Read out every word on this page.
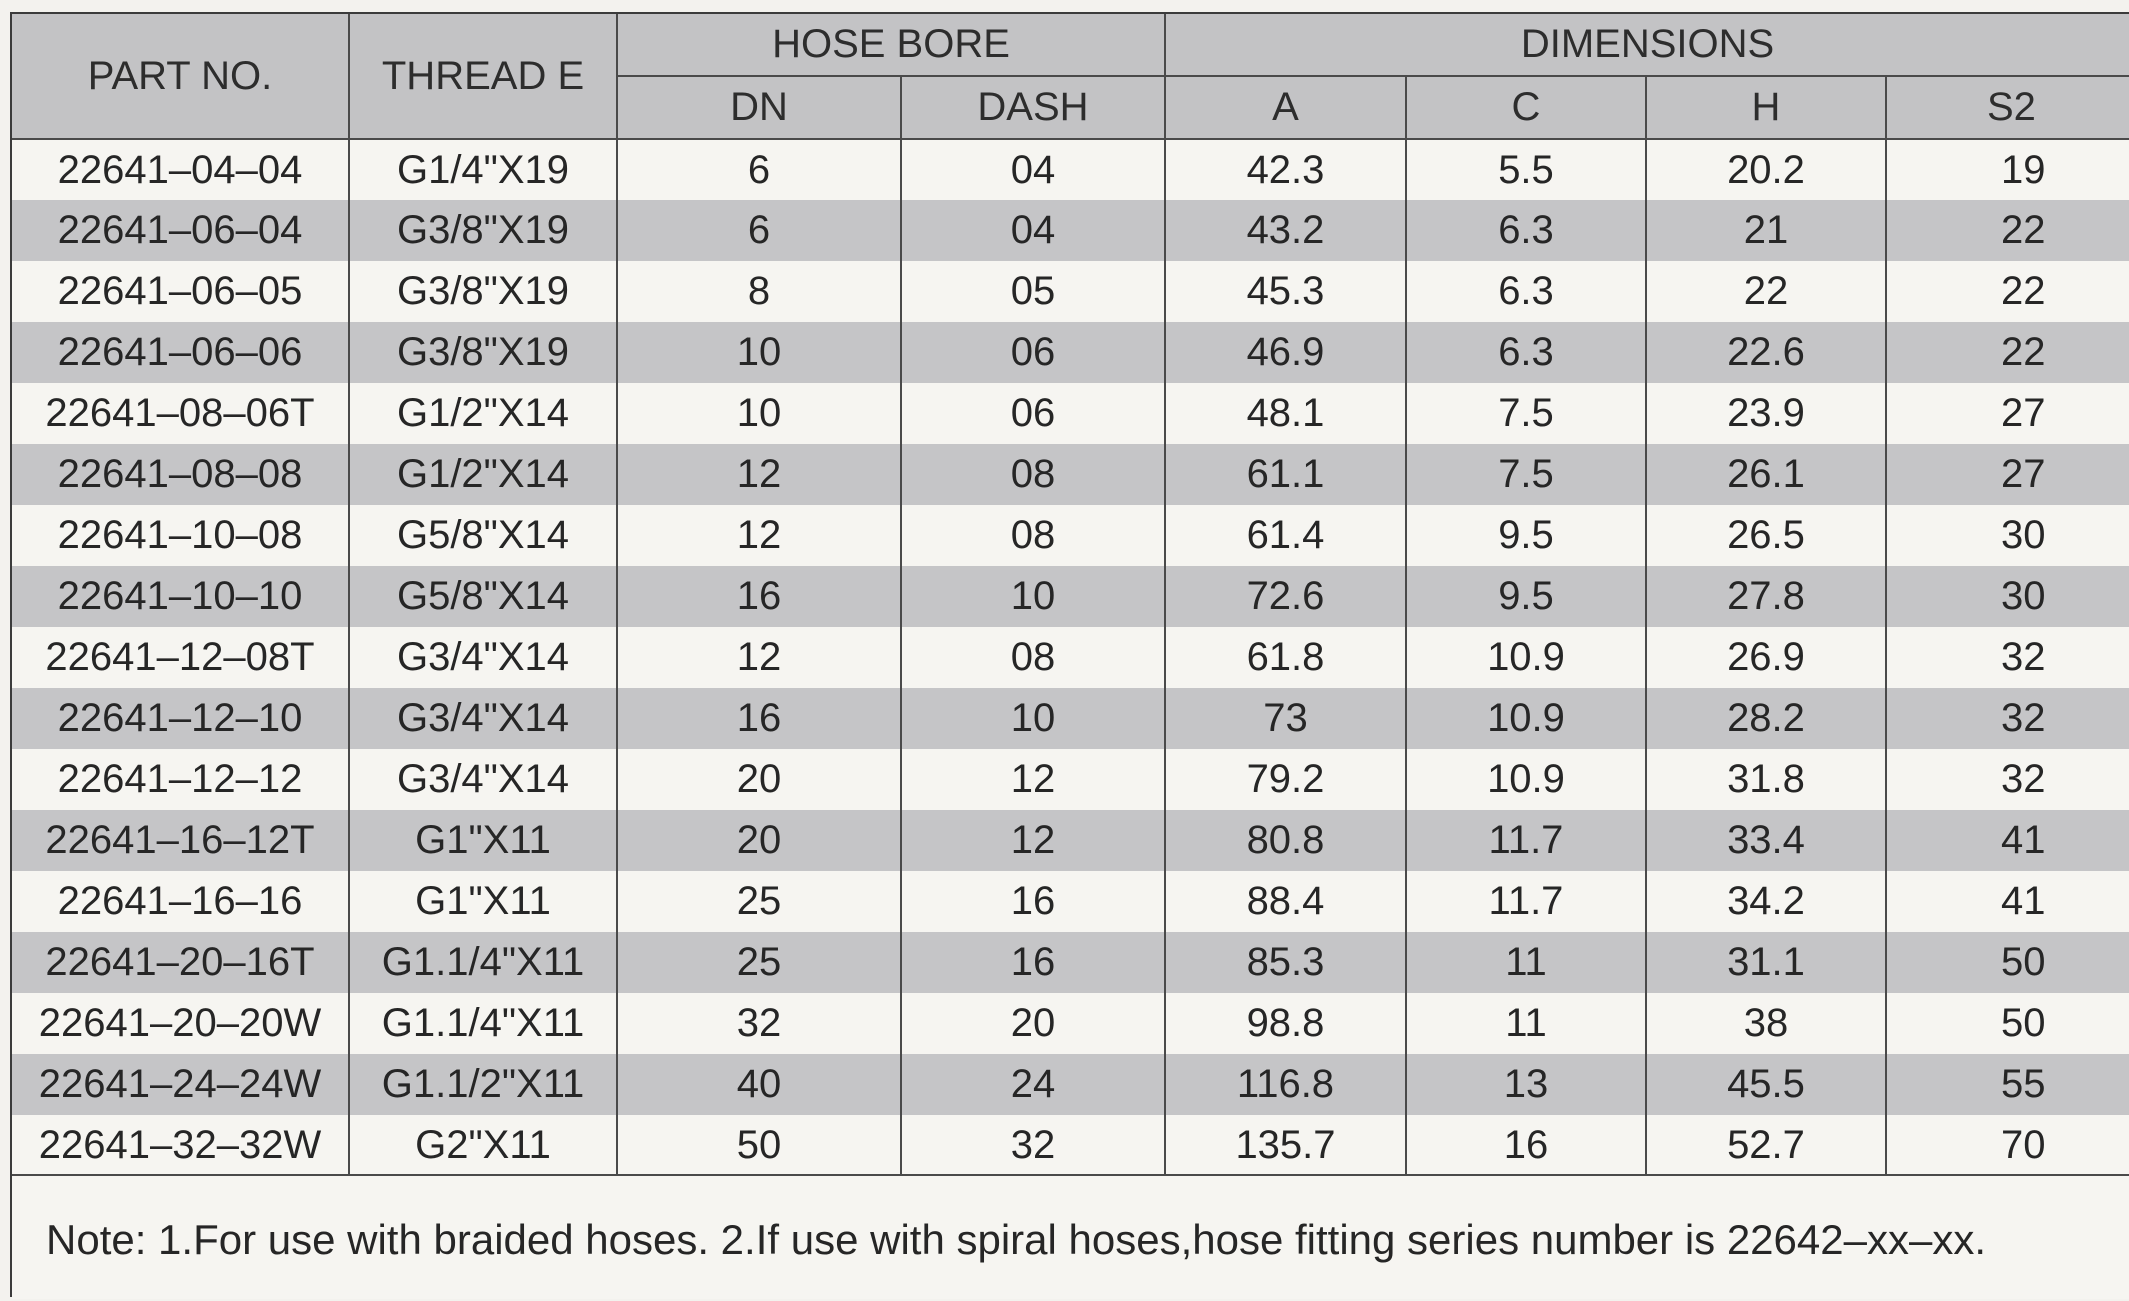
PART NO.	THREAD E	HOSE BORE		DIMENSIONS			
		DN	DASH	A	C	H	S2
22641–04–04	G1/4"X19	6	04	42.3	5.5	20.2	19
22641–06–04	G3/8"X19	6	04	43.2	6.3	21	22
22641–06–05	G3/8"X19	8	05	45.3	6.3	22	22
22641–06–06	G3/8"X19	10	06	46.9	6.3	22.6	22
22641–08–06T	G1/2"X14	10	06	48.1	7.5	23.9	27
22641–08–08	G1/2"X14	12	08	61.1	7.5	26.1	27
22641–10–08	G5/8"X14	12	08	61.4	9.5	26.5	30
22641–10–10	G5/8"X14	16	10	72.6	9.5	27.8	30
22641–12–08T	G3/4"X14	12	08	61.8	10.9	26.9	32
22641–12–10	G3/4"X14	16	10	73	10.9	28.2	32
22641–12–12	G3/4"X14	20	12	79.2	10.9	31.8	32
22641–16–12T	G1"X11	20	12	80.8	11.7	33.4	41
22641–16–16	G1"X11	25	16	88.4	11.7	34.2	41
22641–20–16T	G1.1/4"X11	25	16	85.3	11	31.1	50
22641–20–20W	G1.1/4"X11	32	20	98.8	11	38	50
22641–24–24W	G1.1/2"X11	40	24	116.8	13	45.5	55
22641–32–32W	G2"X11	50	32	135.7	16	52.7	70
Note: 1.For use with braided hoses. 2.If use with spiral hoses,hose fitting series number is 22642–xx–xx.
